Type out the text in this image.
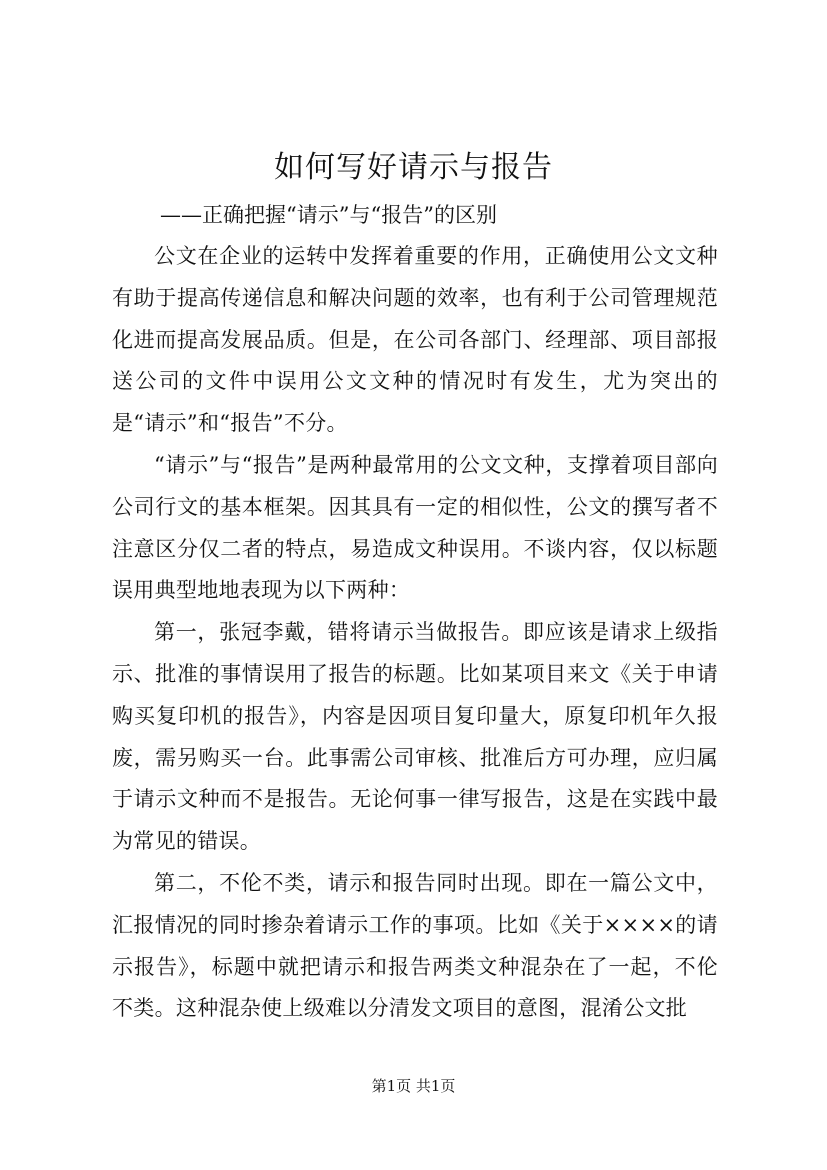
如何写好请示与报告

——正确把握“请示”与“报告”的区别

公文在企业的运转中发挥着重要的作用，正确使用公文文种有助于提高传递信息和解决问题的效率，也有利于公司管理规范化进而提高发展品质。但是，在公司各部门、经理部、项目部报送公司的文件中误用公文文种的情况时有发生，尤为突出的是“请示”和“报告”不分。

“请示”与“报告”是两种最常用的公文文种，支撑着项目部向公司行文的基本框架。因其具有一定的相似性，公文的撰写者不注意区分仅二者的特点，易造成文种误用。不谈内容，仅以标题误用典型地地表现为以下两种：

第一，张冠李戴，错将请示当做报告。即应该是请求上级指示、批准的事情误用了报告的标题。比如某项目来文《关于申请购买复印机的报告》，内容是因项目复印量大，原复印机年久报废，需另购买一台。此事需公司审核、批准后方可办理，应归属于请示文种而不是报告。无论何事一律写报告，这是在实践中最为常见的错误。

第二，不伦不类，请示和报告同时出现。即在一篇公文中，汇报情况的同时掺杂着请示工作的事项。比如《关于××××的请示报告》，标题中就把请示和报告两类文种混杂在了一起，不伦不类。这种混杂使上级难以分清发文项目的意图，混淆公文批

第1页 共1页
